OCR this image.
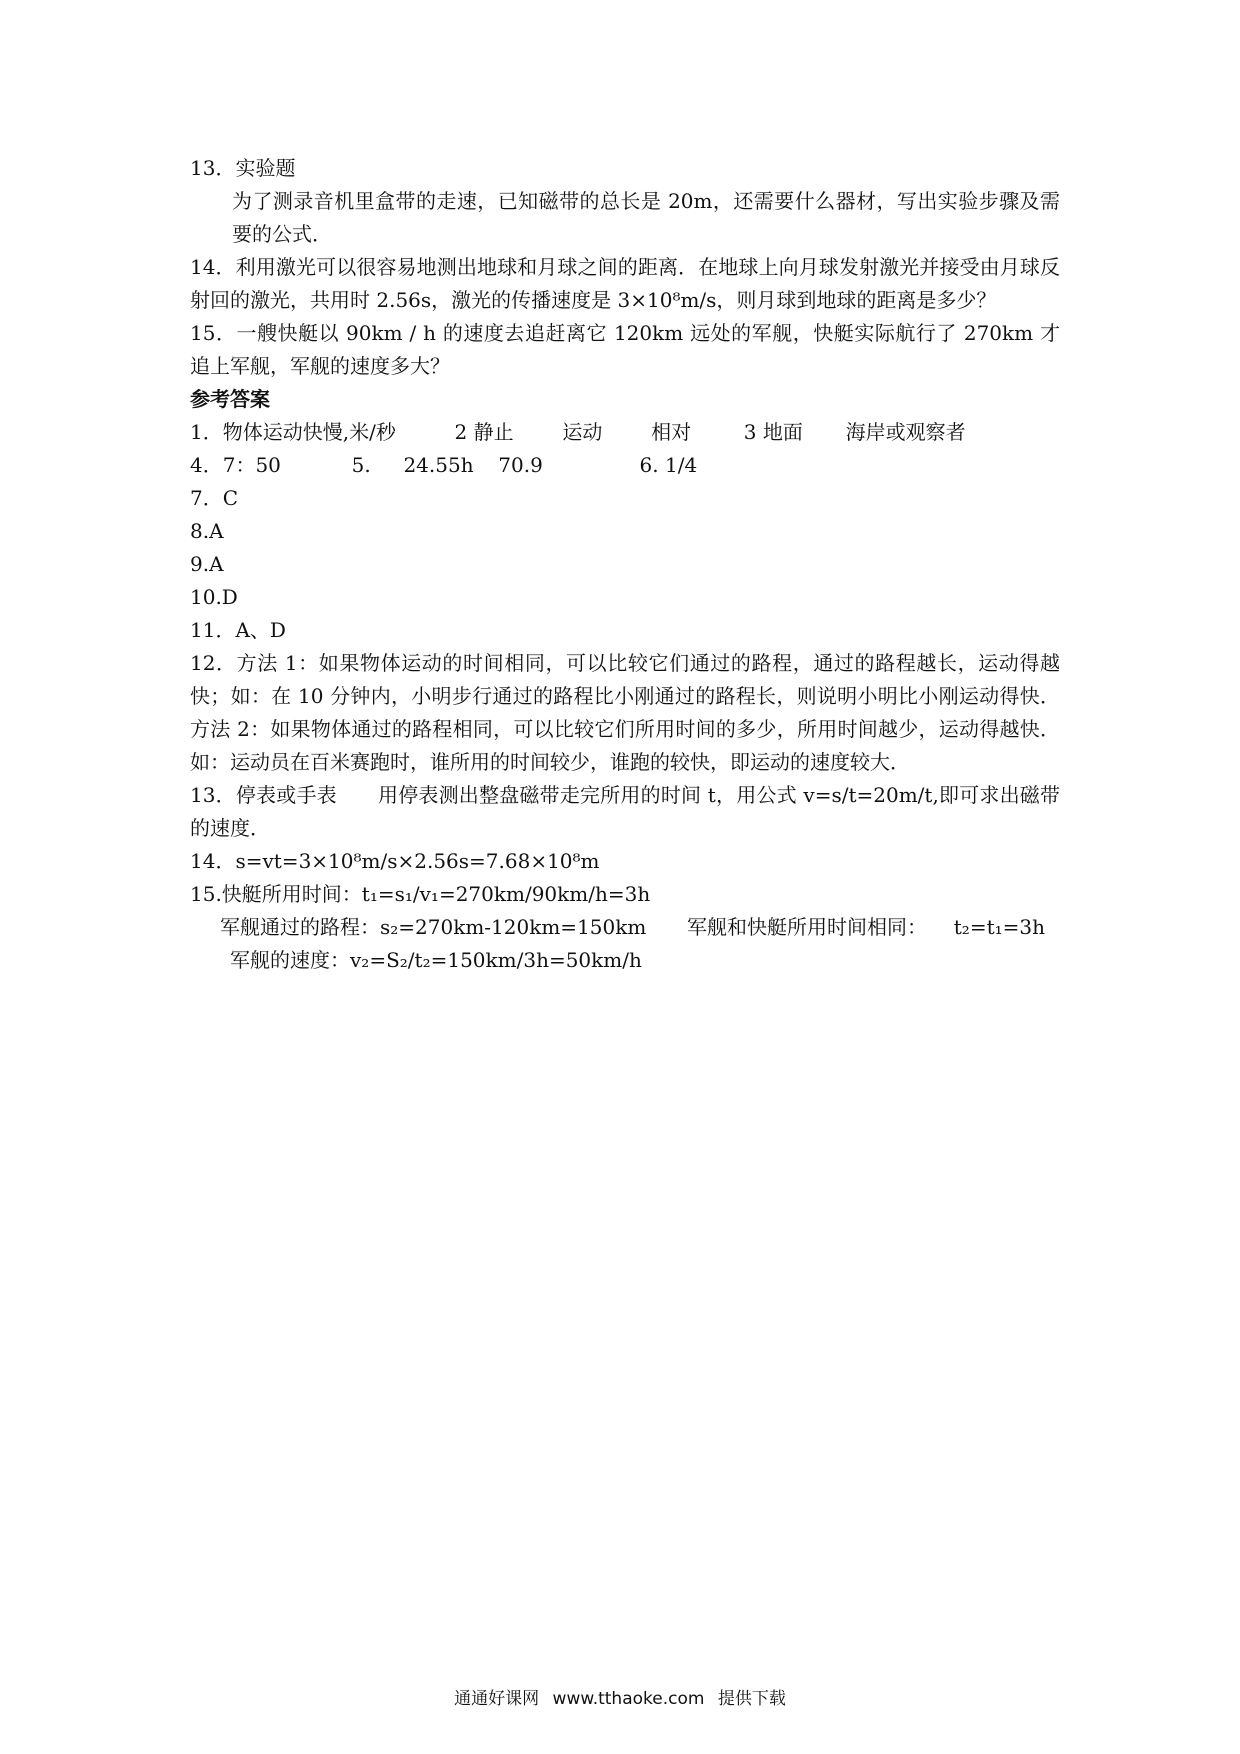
13．实验题
为了测录音机里盒带的走速，已知磁带的总长是 20m，还需要什么器材，写出实验步骤及需要的公式．
14．利用激光可以很容易地测出地球和月球之间的距离．在地球上向月球发射激光并接受由月球反射回的激光，共用时 2.56s，激光的传播速度是 3×10⁸m/s，则月球到地球的距离是多少？
15．一艘快艇以 90km / h 的速度去追赶离它 120km 远处的军舰，快艇实际航行了 270km 才追上军舰，军舰的速度多大？
参考答案
1．物体运动快慢,米/秒	2 静止 运动 相对	3 地面 海岸或观察者
4．7：50	5. 24.55h 70.9	6. 1/4
7．C
8.A
9.A
10.D
11．A、D
12．方法 1：如果物体运动的时间相同，可以比较它们通过的路程，通过的路程越长，运动得越快；如：在 10 分钟内，小明步行通过的路程比小刚通过的路程长，则说明小明比小刚运动得快．方法 2：如果物体通过的路程相同，可以比较它们所用时间的多少，所用时间越少，运动得越快．如：运动员在百米赛跑时，谁所用的时间较少，谁跑的较快，即运动的速度较大．
13．停表或手表 用停表测出整盘磁带走完所用的时间 t，用公式 v=s/t=20m/t,即可求出磁带的速度．
14．s=vt=3×10⁸m/s×2.56s=7.68×10⁸m
15.快艇所用时间：t₁=s₁/v₁=270km/90km/h=3h
军舰通过的路程：s₂=270km-120km=150km 军舰和快艇所用时间相同： t₂=t₁=3h
军舰的速度：v₂=S₂/t₂=150km/3h=50km/h
通通好课网 www.tthaoke.com 提供下载
